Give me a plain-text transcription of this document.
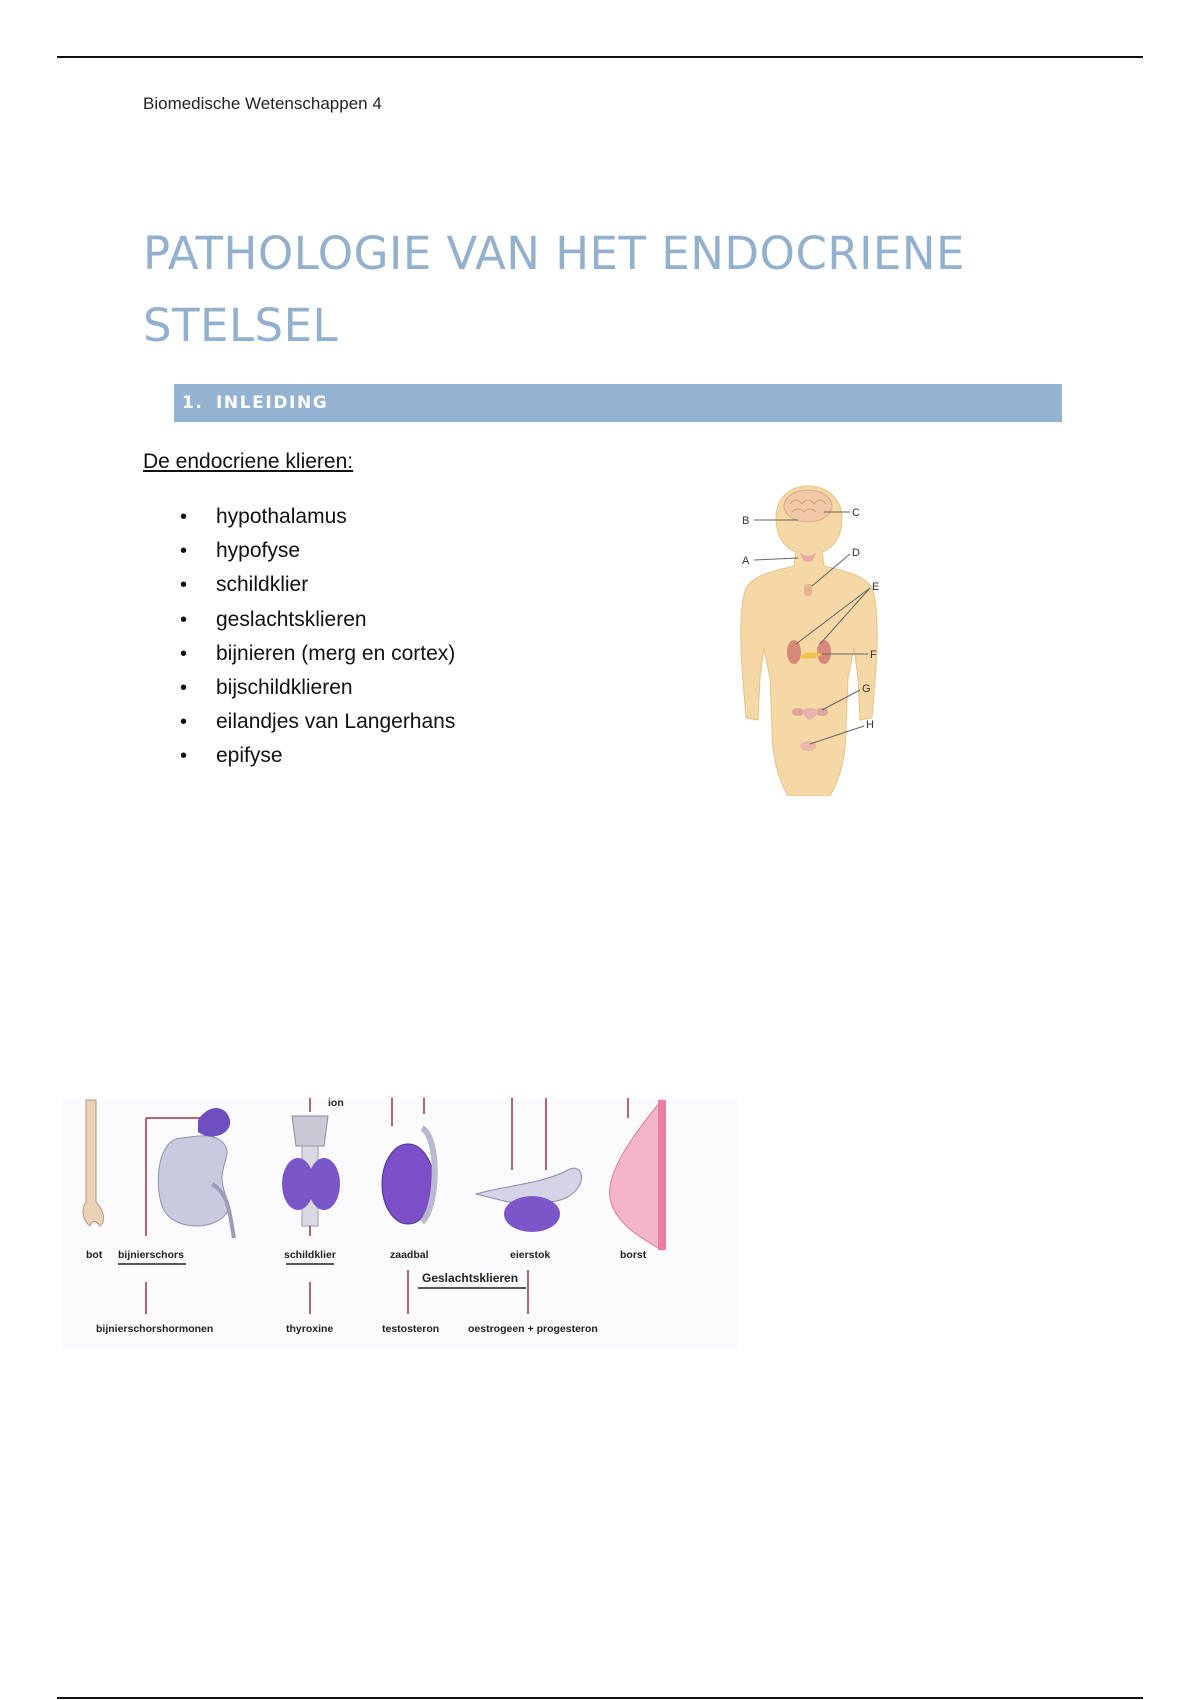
Biomedische Wetenschappen 4
PATHOLOGIE VAN HET ENDOCRIENE STELSEL
1. INLEIDING
De endocriene klieren:
• hypothalamus
• hypofyse
• schildklier
• geslachtsklieren
• bijnieren (merg en cortex)
• bijschildklieren
• eilandjes van Langerhans
• epifyse
A
B
C
D
E
F
G
H
ion
bot bijnierschors	schildklier	zaadbal	eierstok	borst
Geslachtsklieren
bijnierschorshormonen	thyroxine	testosteron	oestrogeen + progesteron
